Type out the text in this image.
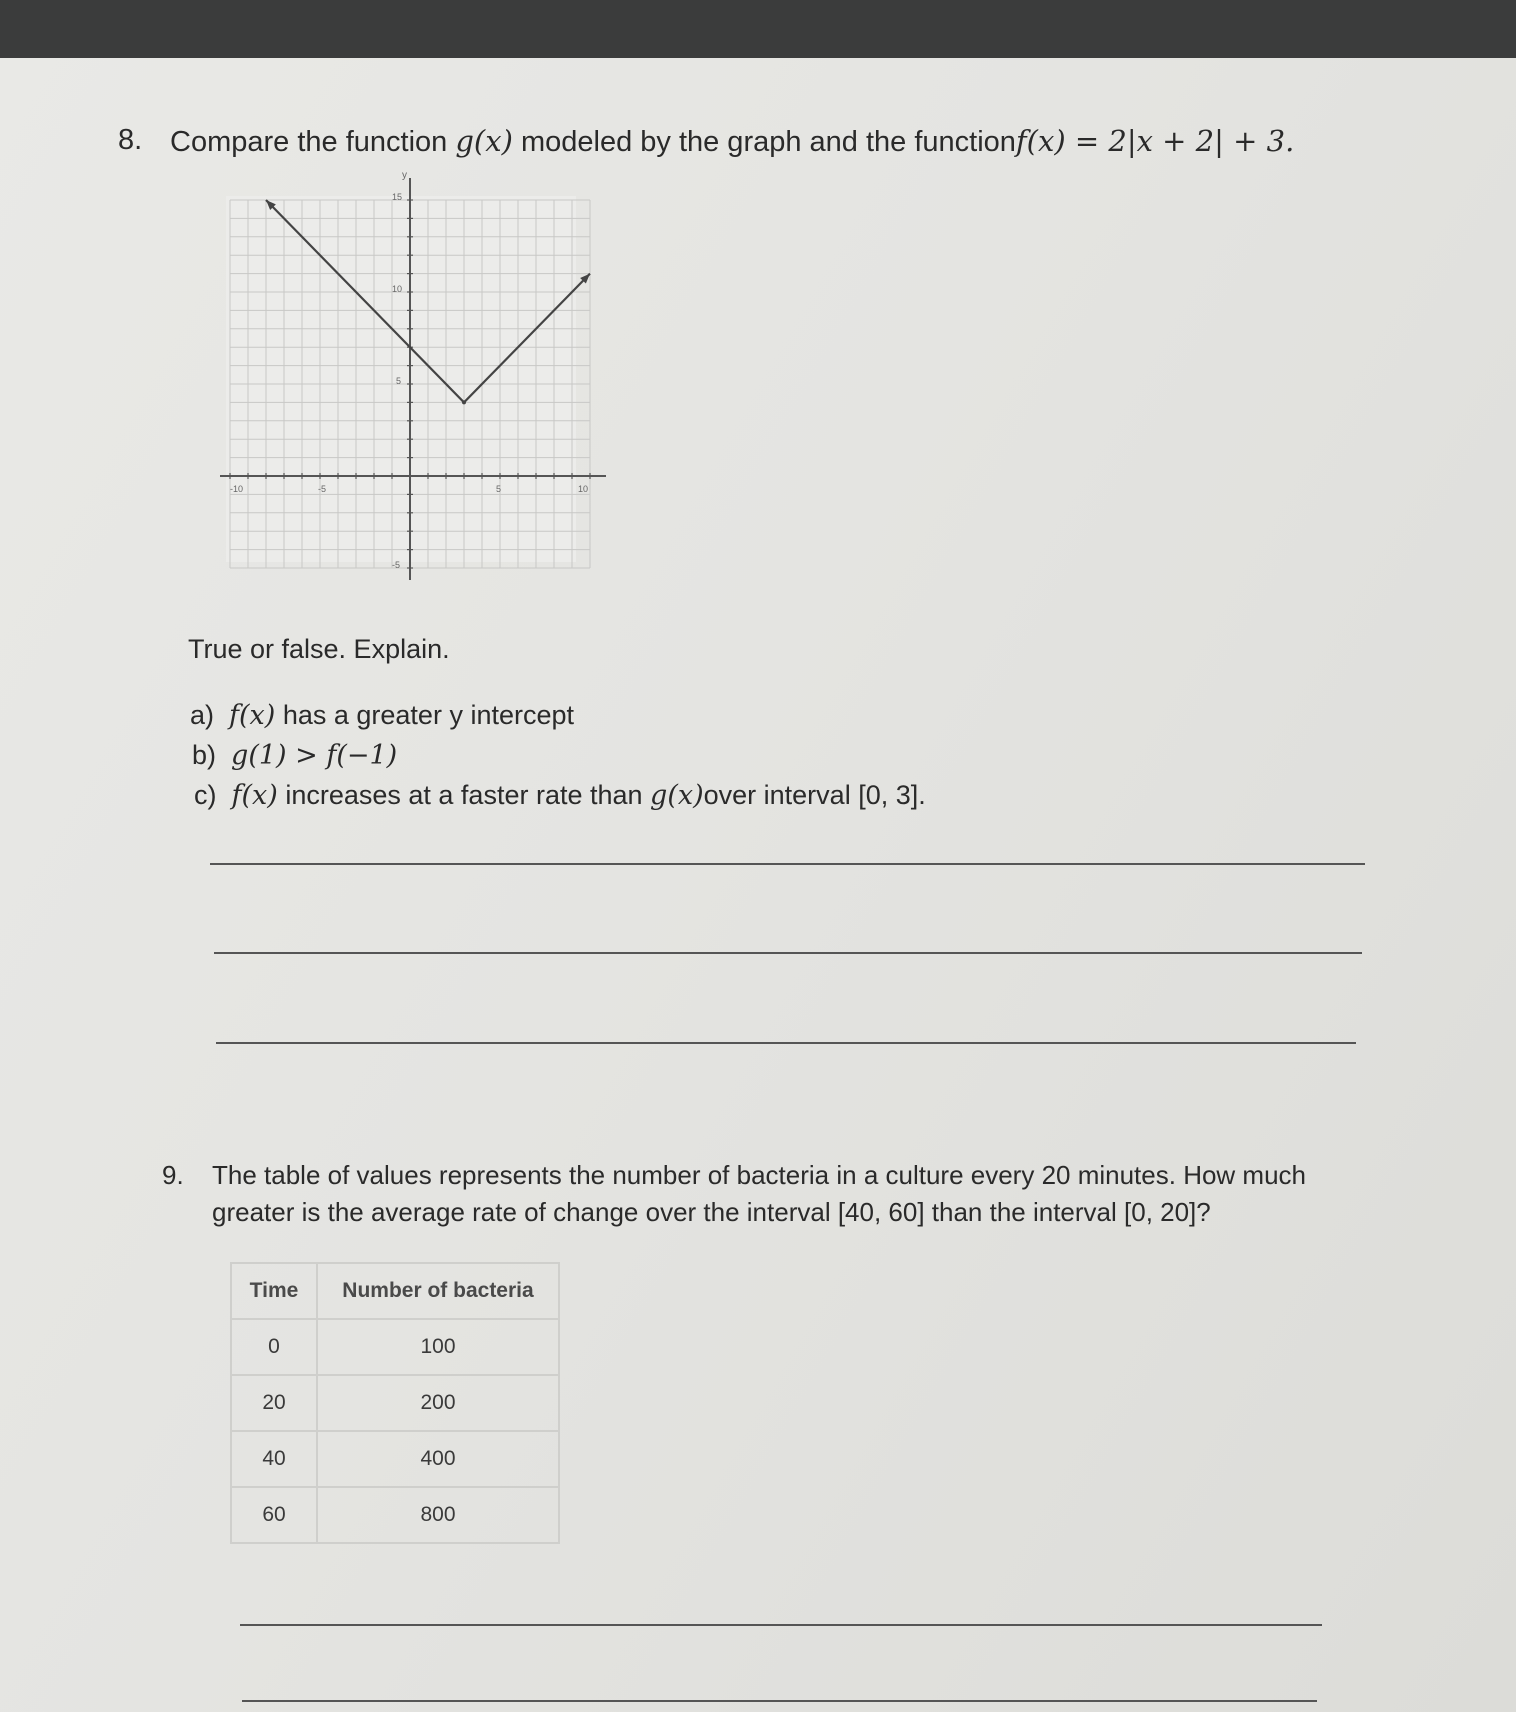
8. Compare the function g(x) modeled by the graph and the functionf(x) = 2|x + 2| + 3.
-10	-5	5	10
15
10
5
-5
y
True or false. Explain.
a) f(x) has a greater y intercept
b) g(1) > f(−1)
c) f(x) increases at a faster rate than g(x)over interval [0, 3].
9. The table of values represents the number of bacteria in a culture every 20 minutes. How much
greater is the average rate of change over the interval [40, 60] than the interval [0, 20]?
Time	Number of bacteria
0	100
20	200
40	400
60	800
